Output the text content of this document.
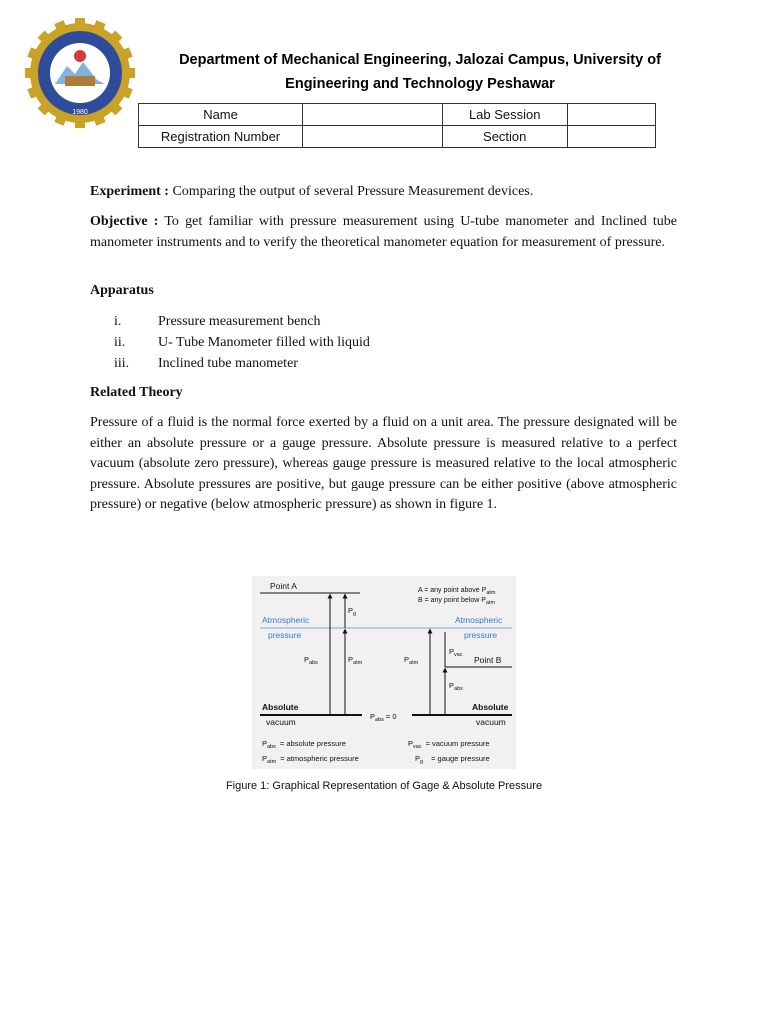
1980
Department of Mechanical Engineering, Jalozai Campus, University of
Engineering and Technology Peshawar
Name		Lab Session	
Registration Number		Section	
Experiment : Comparing the output of several Pressure Measurement devices.
Objective : To get familiar with pressure measurement using U-tube manometer and Inclined tube manometer instruments and to verify the theoretical manometer equation for measurement of pressure.
Apparatus
i.	Pressure measurement bench
ii.	U- Tube Manometer filled with liquid
iii.	Inclined tube manometer
Related Theory
Pressure of a fluid is the normal force exerted by a fluid on a unit area. The pressure designated will be either an absolute pressure or a gauge pressure. Absolute pressure is measured relative to a perfect vacuum (absolute zero pressure), whereas gauge pressure is measured relative to the local atmospheric pressure. Absolute pressures are positive, but gauge pressure can be either positive (above atmospheric pressure) or negative (below atmospheric pressure) as shown in figure 1.
Point A	A = any point above $P_{atm}$
B = any point below $P_{atm}$
Atmospheric
pressure
Atmospheric
pressure
$P_g$
$P_{abs}$	$P_{atm}$	$P_{atm}$
$P_{vac}$ Point B
$P_{abs}$
Absolute
vacuum
Absolute
vacuum
$P_{abs} = 0$
$P_{abs}$ = absolute pressure
$P_{atm}$ = atmospheric pressure
$P_{vac}$ = vacuum pressure
$P_g$ = gauge pressure
Figure 1: Graphical Representation of Gage & Absolute Pressure
